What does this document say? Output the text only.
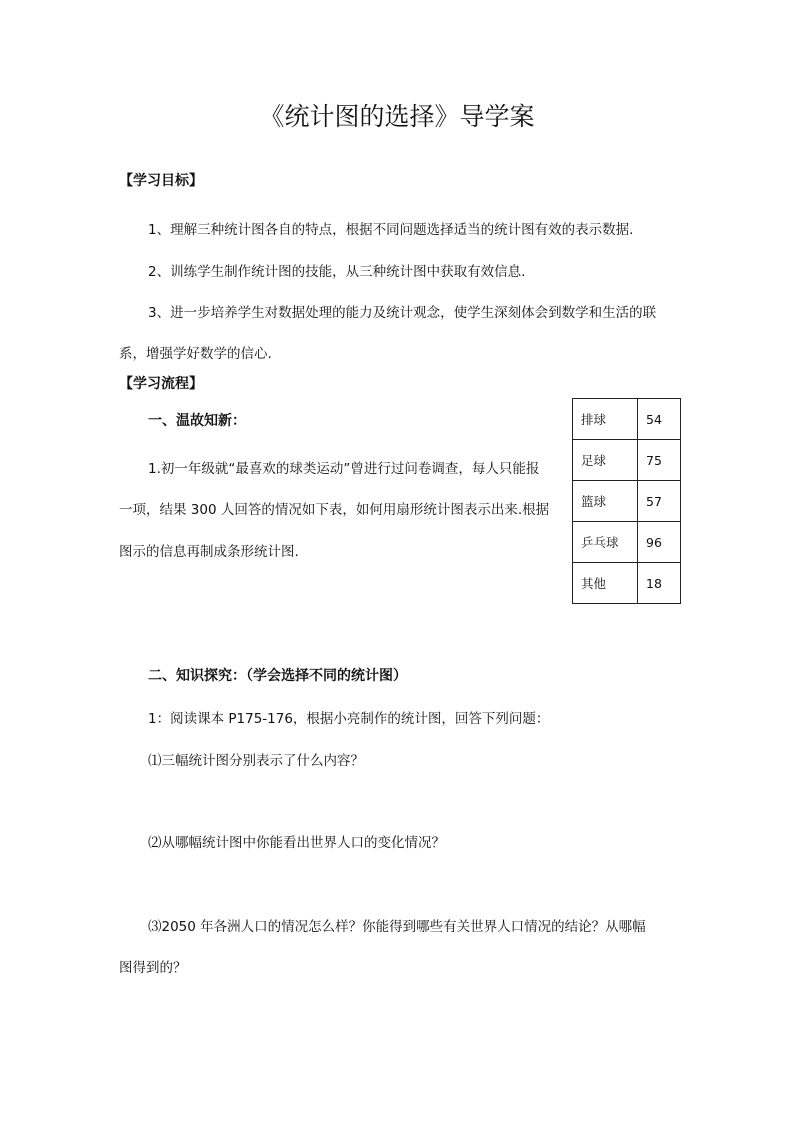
《统计图的选择》导学案
【学习目标】
1、理解三种统计图各自的特点，根据不同问题选择适当的统计图有效的表示数据.
2、训练学生制作统计图的技能，从三种统计图中获取有效信息.
3、进一步培养学生对数据处理的能力及统计观念，使学生深刻体会到数学和生活的联
系，增强学好数学的信心.
【学习流程】
一、温故知新：
1.初一年级就“最喜欢的球类运动”曾进行过问卷调查，每人只能报
一项，结果 300 人回答的情况如下表，如何用扇形统计图表示出来.根据
图示的信息再制成条形统计图.
排球	54
足球	75
篮球	57
乒乓球	96
其他	18
二、知识探究：（学会选择不同的统计图）
1：阅读课本 P175-176，根据小亮制作的统计图，回答下列问题：
⑴三幅统计图分别表示了什么内容？
⑵从哪幅统计图中你能看出世界人口的变化情况？
⑶2050 年各洲人口的情况怎么样？你能得到哪些有关世界人口情况的结论？从哪幅
图得到的？
